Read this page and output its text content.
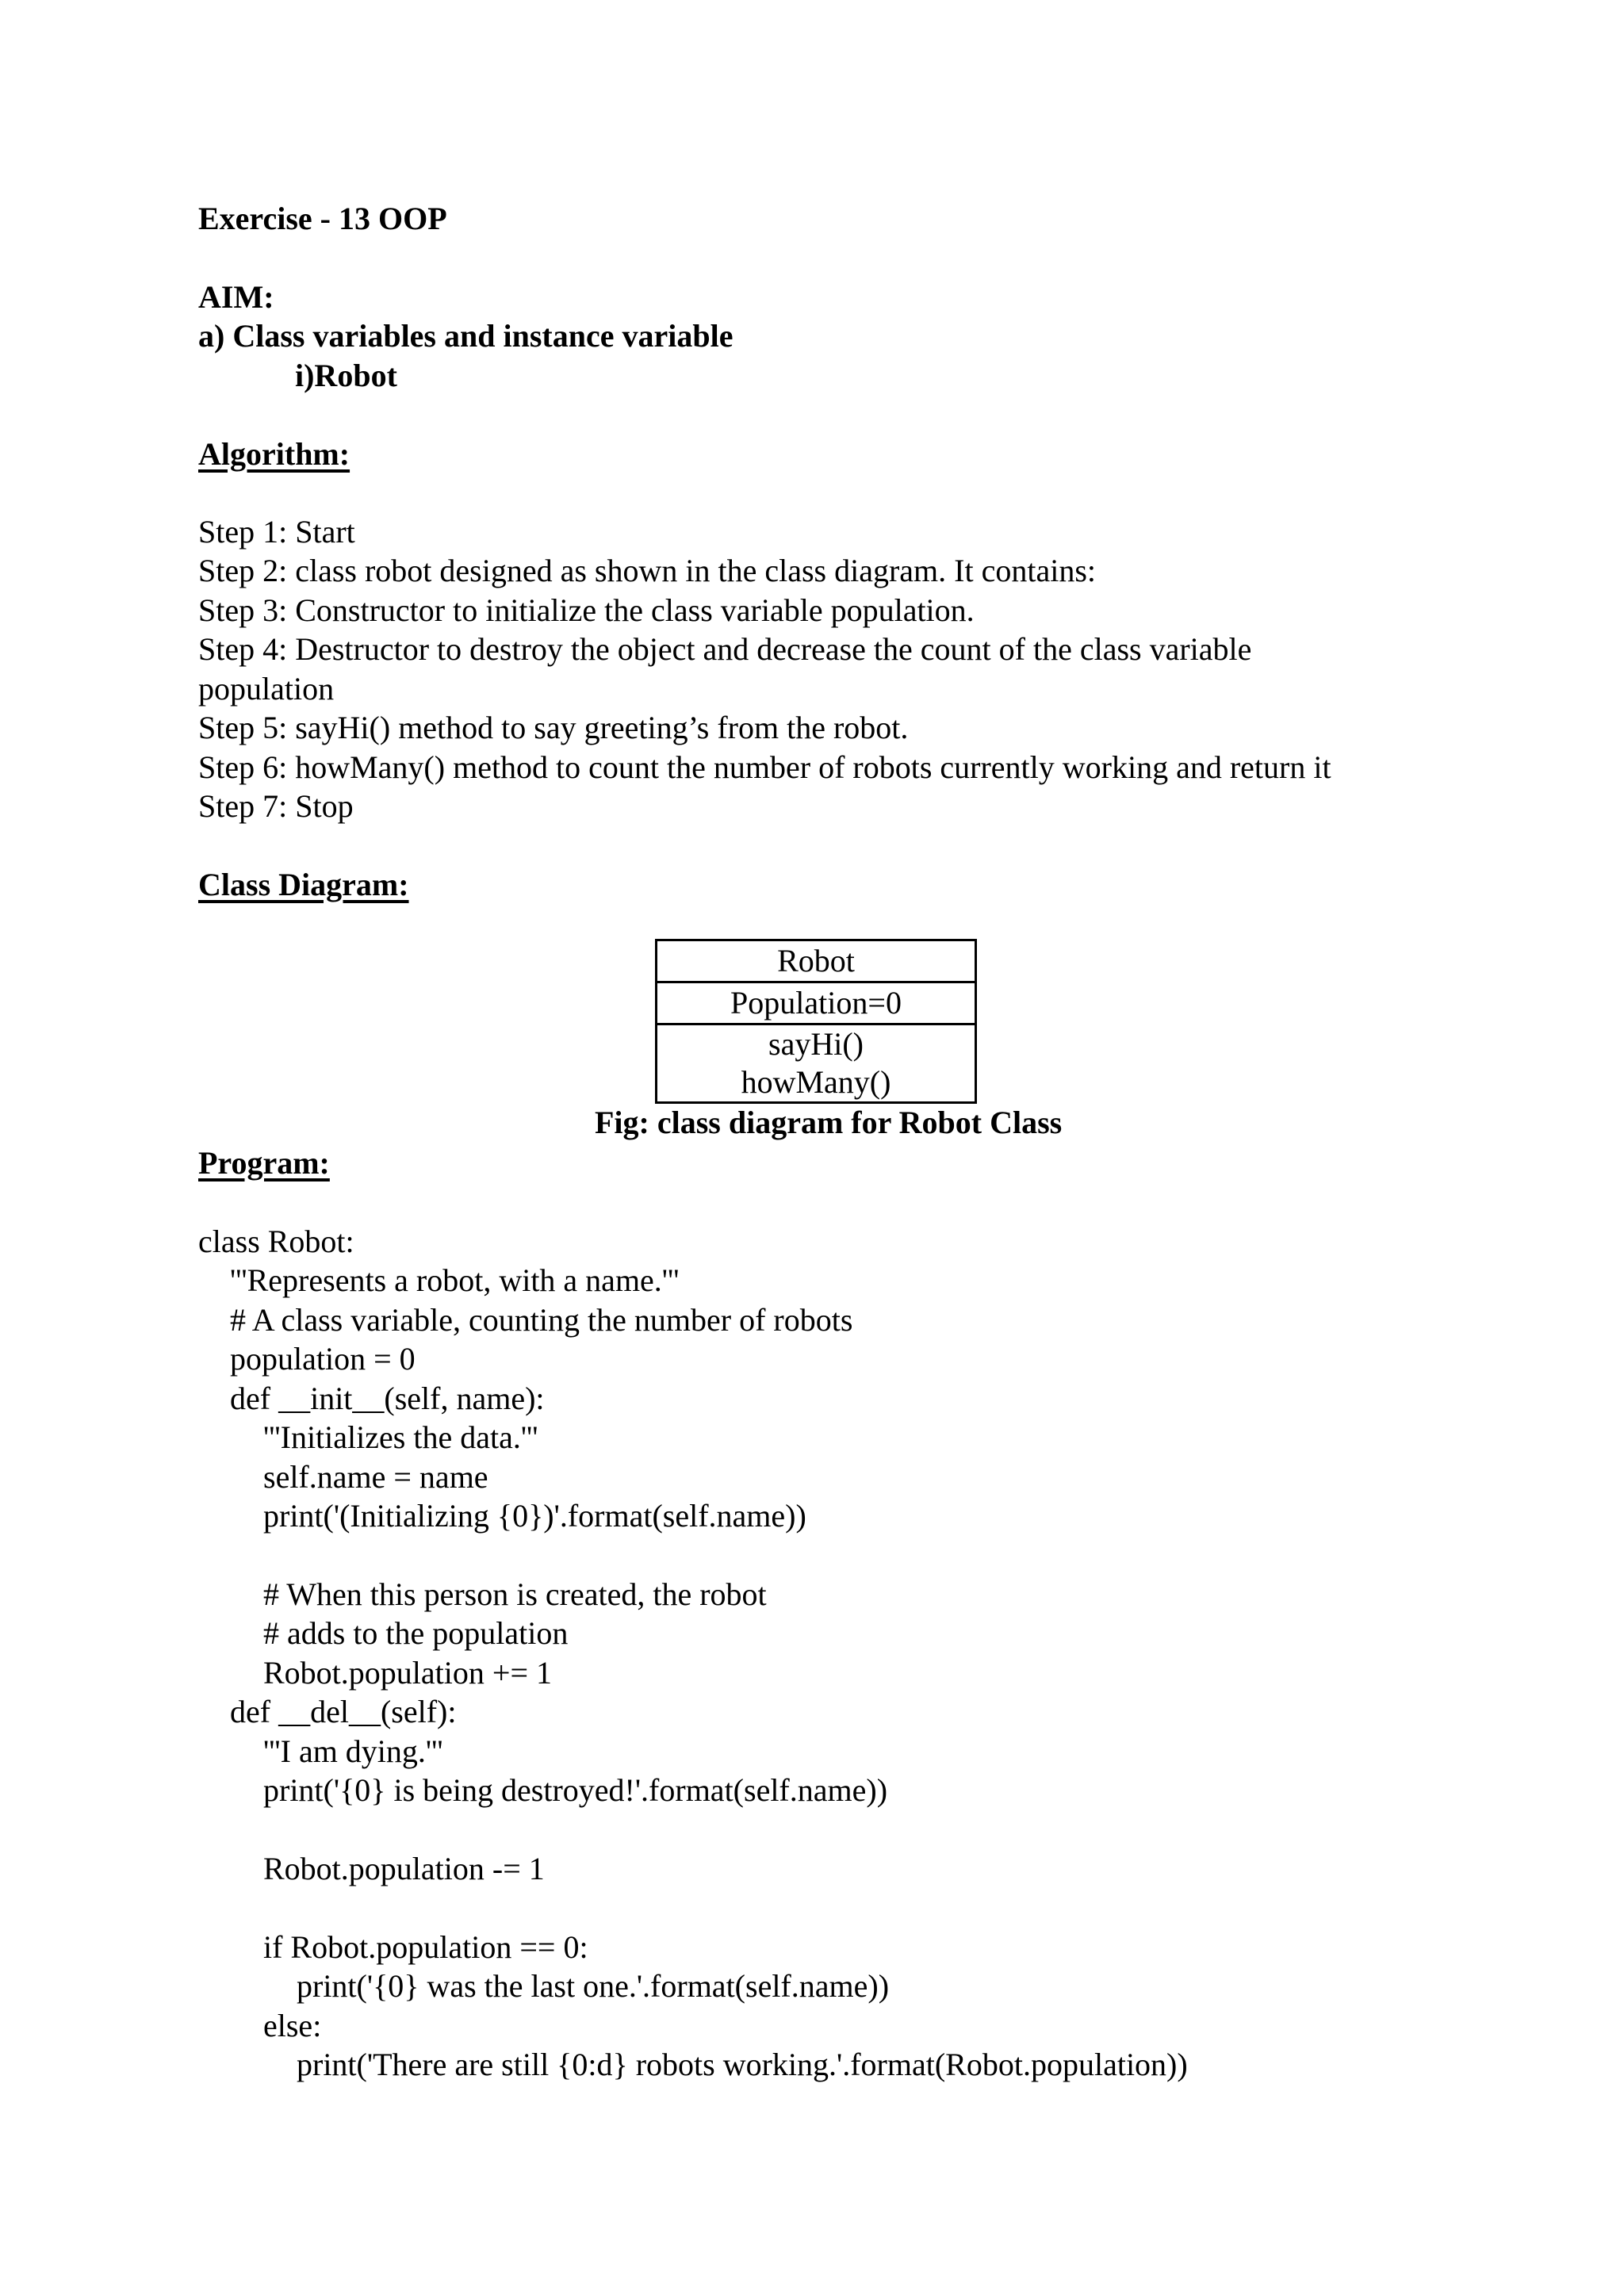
Exercise - 13 OOP
AIM:
a) Class variables and instance variable
i)Robot
Algorithm:
Step 1: Start
Step 2: class robot designed as shown in the class diagram. It contains:
Step 3: Constructor to initialize the class variable population.
Step 4: Destructor to destroy the object and decrease the count of the class variable
population
Step 5: sayHi() method to say greeting’s from the robot.
Step 6: howMany() method to count the number of robots currently working and return it
Step 7: Stop
Class Diagram:
Robot
Population=0
sayHi()
howMany()
Fig: class diagram for Robot Class
Program:
class Robot:
'''Represents a robot, with a name.'''
# A class variable, counting the number of robots
population = 0
def __init__(self, name):
'''Initializes the data.'''
self.name = name
print('(Initializing {0})'.format(self.name))
# When this person is created, the robot
# adds to the population
Robot.population += 1
def __del__(self):
'''I am dying.'''
print('{0} is being destroyed!'.format(self.name))
Robot.population -= 1
if Robot.population == 0:
print('{0} was the last one.'.format(self.name))
else:
print('There are still {0:d} robots working.'.format(Robot.population))
